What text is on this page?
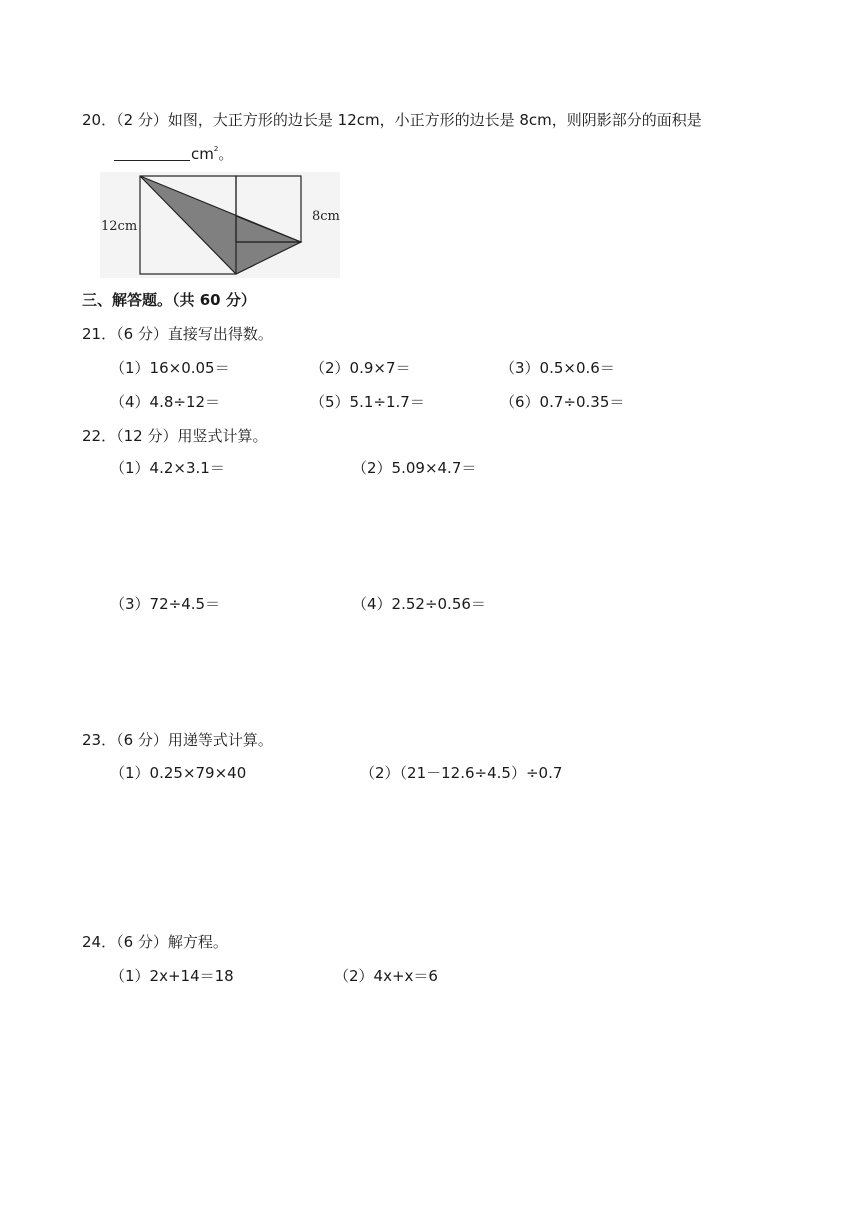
20．（2 分）如图，大正方形的边长是 12cm，小正方形的边长是 8cm，则阴影部分的面积是
$cm^2$。
12cm
8cm
三、解答题。（共 60 分）
21．（6 分）直接写出得数。
（1）16×0.05＝	（2）0.9×7＝	（3）0.5×0.6＝
（4）4.8÷12＝	（5）5.1÷1.7＝	（6）0.7÷0.35＝
22．（12 分）用竖式计算。
（1）4.2×3.1＝	（2）5.09×4.7＝
（3）72÷4.5＝	（4）2.52÷0.56＝
23．（6 分）用递等式计算。
（1）0.25×79×40	（2）（21－12.6÷4.5）÷0.7
24．（6 分）解方程。
（1）2x+14＝18	（2）4x+x＝6
